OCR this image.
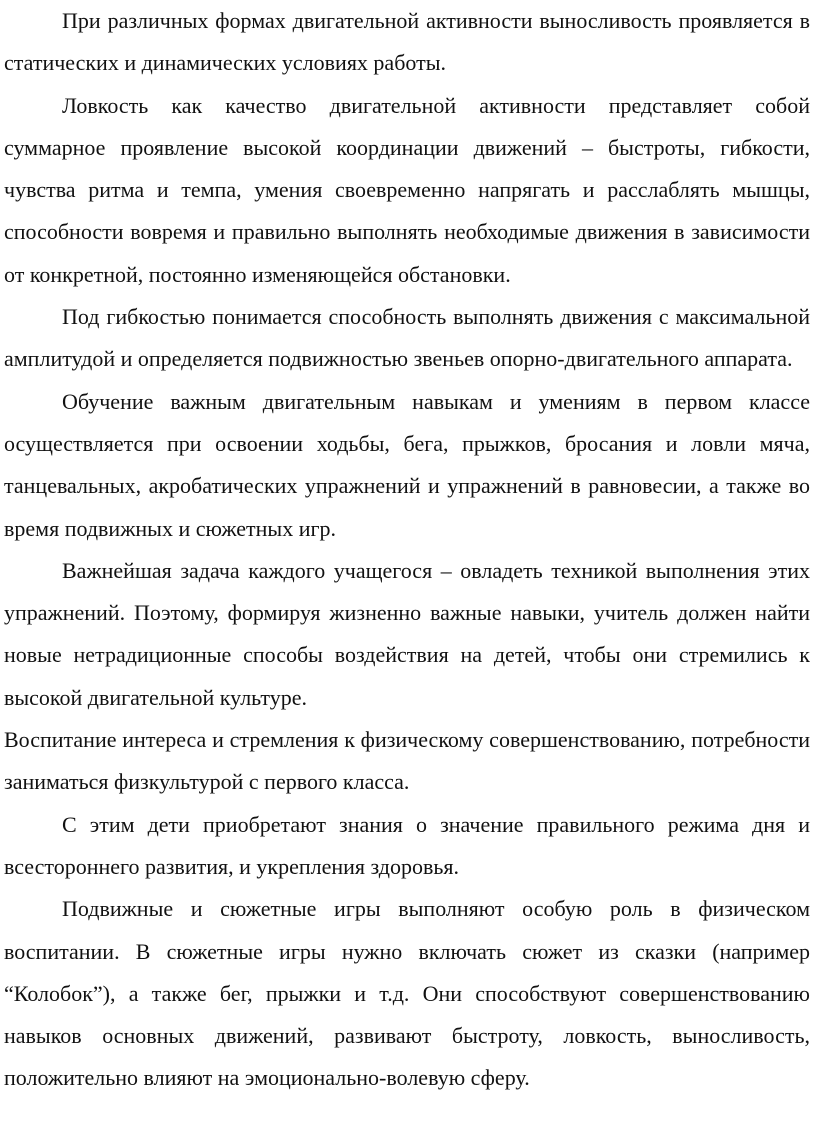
При различных формах двигательной активности выносливость проявляется в статических и динамических условиях работы.

Ловкость как качество двигательной активности представляет собой суммарное проявление высокой координации движений – быстроты, гибкости, чувства ритма и темпа, умения своевременно напрягать и расслаблять мышцы, способности вовремя и правильно выполнять необходимые движения в зависимости от конкретной, постоянно изменяющейся обстановки.

Под гибкостью понимается способность выполнять движения с максимальной амплитудой и определяется подвижностью звеньев опорно-двигательного аппарата.

Обучение важным двигательным навыкам и умениям в первом классе осуществляется при освоении ходьбы, бега, прыжков, бросания и ловли мяча, танцевальных, акробатических упражнений и упражнений в равновесии, а также во время подвижных и сюжетных игр.

Важнейшая задача каждого учащегося – овладеть техникой выполнения этих упражнений. Поэтому, формируя жизненно важные навыки, учитель должен найти новые нетрадиционные способы воздействия на детей, чтобы они стремились к высокой двигательной культуре.

Воспитание интереса и стремления к физическому совершенствованию, потребности заниматься физкультурой с первого класса.

С этим дети приобретают знания о значение правильного режима дня и всестороннего развития, и укрепления здоровья.

Подвижные и сюжетные игры выполняют особую роль в физическом воспитании. В сюжетные игры нужно включать сюжет из сказки (например “Колобок”), а также бег, прыжки и т.д. Они способствуют совершенствованию навыков основных движений, развивают быстроту, ловкость, выносливость, положительно влияют на эмоционально-волевую сферу.
